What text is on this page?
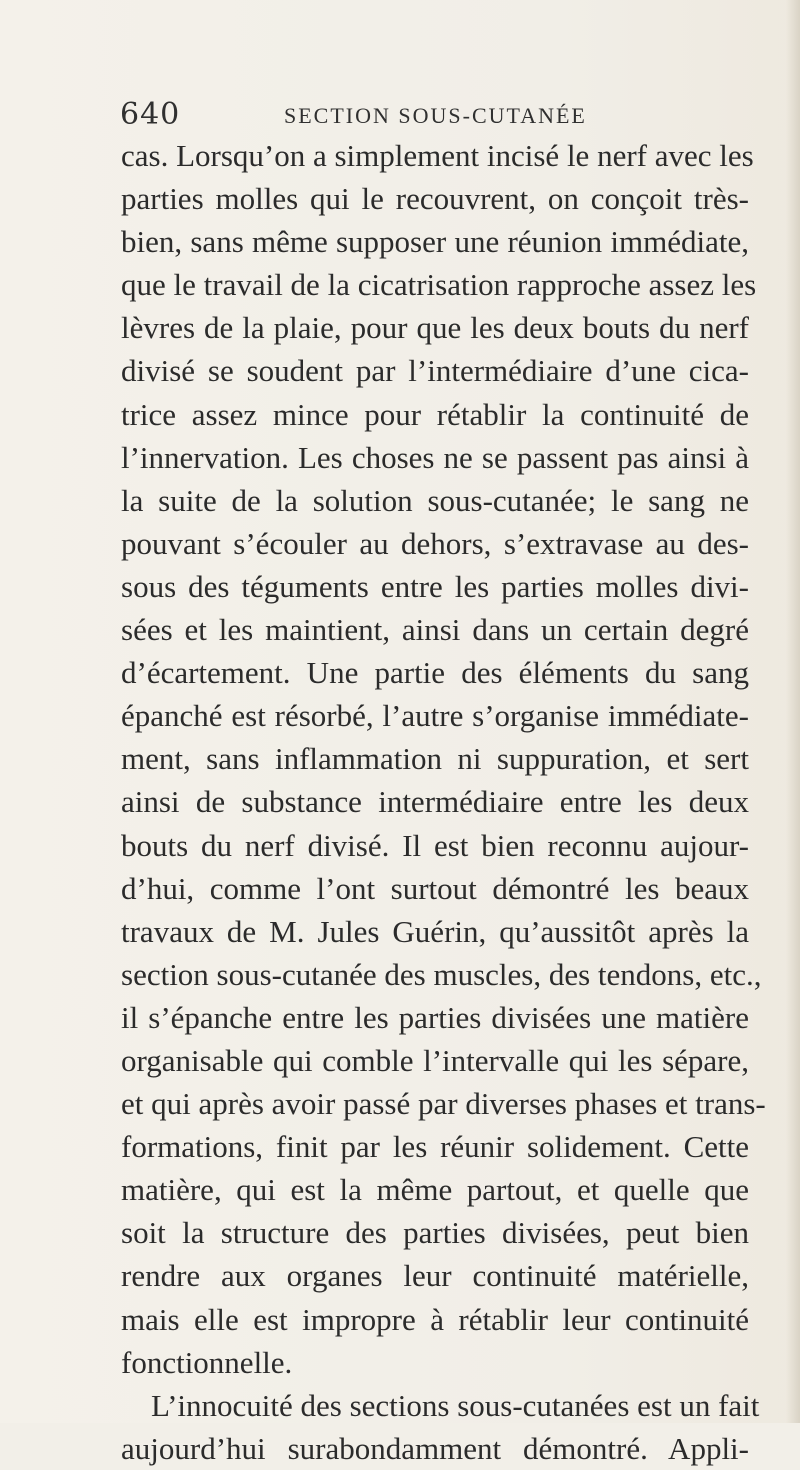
640	SECTION SOUS-CUTANÉE
cas. Lorsqu’on a simplement incisé le nerf avec les
parties molles qui le recouvrent, on conçoit très-
bien, sans même supposer une réunion immédiate,
que le travail de la cicatrisation rapproche assez les
lèvres de la plaie, pour que les deux bouts du nerf
divisé se soudent par l’intermédiaire d’une cica-
trice assez mince pour rétablir la continuité de
l’innervation. Les choses ne se passent pas ainsi à
la suite de la solution sous-cutanée; le sang ne
pouvant s’écouler au dehors, s’extravase au des-
sous des téguments entre les parties molles divi-
sées et les maintient, ainsi dans un certain degré
d’écartement. Une partie des éléments du sang
épanché est résorbé, l’autre s’organise immédiate-
ment, sans inflammation ni suppuration, et sert
ainsi de substance intermédiaire entre les deux
bouts du nerf divisé. Il est bien reconnu aujour-
d’hui, comme l’ont surtout démontré les beaux
travaux de M. Jules Guérin, qu’aussitôt après la
section sous-cutanée des muscles, des tendons, etc.,
il s’épanche entre les parties divisées une matière
organisable qui comble l’intervalle qui les sépare,
et qui après avoir passé par diverses phases et trans-
formations, finit par les réunir solidement. Cette
matière, qui est la même partout, et quelle que
soit la structure des parties divisées, peut bien
rendre aux organes leur continuité matérielle,
mais elle est impropre à rétablir leur continuité
fonctionnelle.
L’innocuité des sections sous-cutanées est un fait
aujourd’hui surabondamment démontré. Appli-
